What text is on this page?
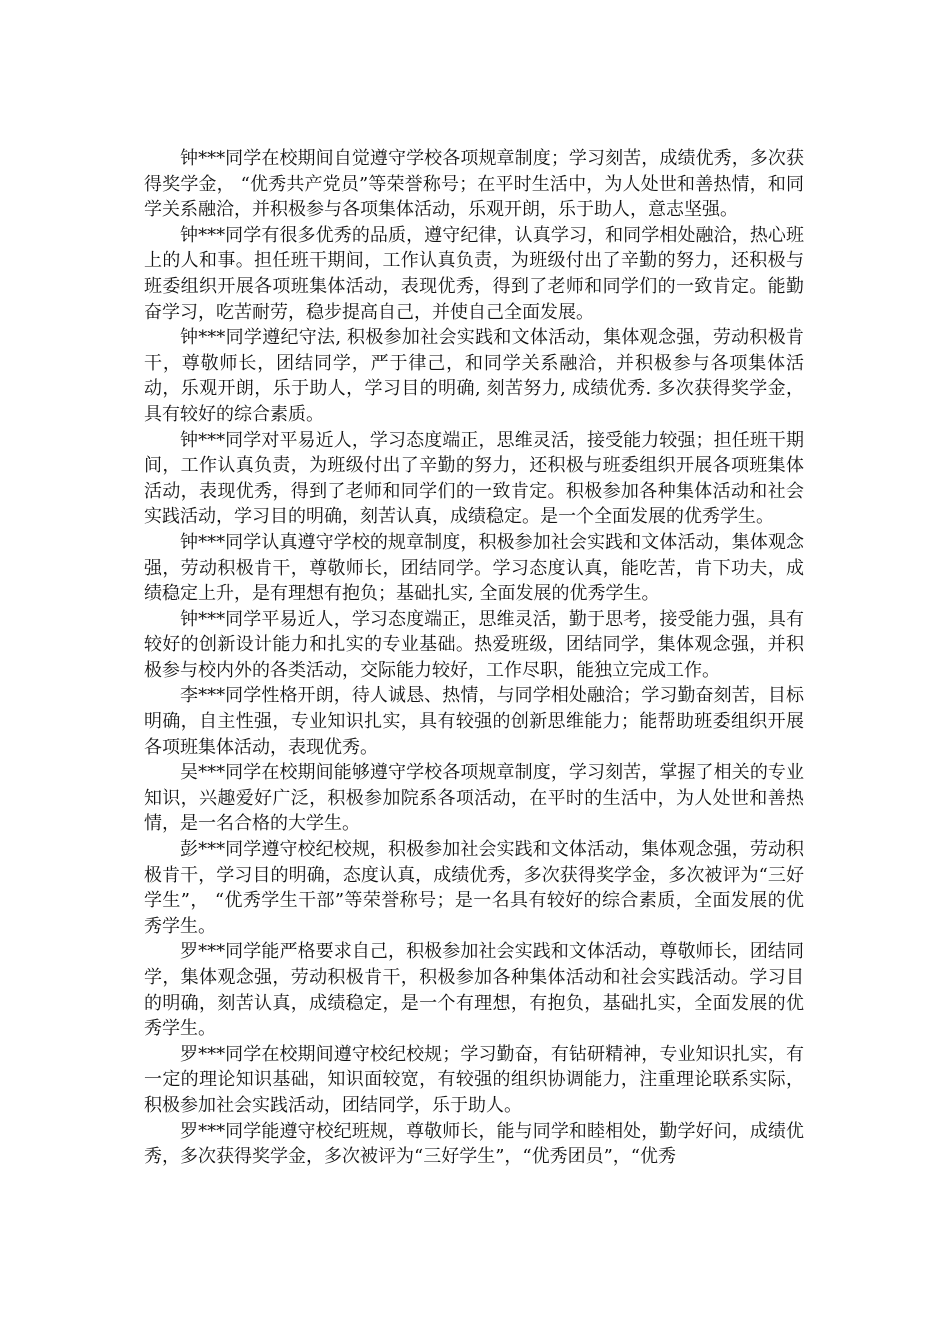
钟***同学在校期间自觉遵守学校各项规章制度；学习刻苦，成绩优秀，多次获得奖学金， “优秀共产党员”等荣誉称号；在平时生活中，为人处世和善热情，和同学关系融洽，并积极参与各项集体活动，乐观开朗，乐于助人，意志坚强。

钟***同学有很多优秀的品质，遵守纪律，认真学习，和同学相处融洽，热心班上的人和事。担任班干期间，工作认真负责，为班级付出了辛勤的努力，还积极与班委组织开展各项班集体活动，表现优秀，得到了老师和同学们的一致肯定。能勤奋学习，吃苦耐劳，稳步提高自己，并使自己全面发展。

钟***同学遵纪守法, 积极参加社会实践和文体活动，集体观念强，劳动积极肯干，尊敬师长，团结同学，严于律己，和同学关系融洽，并积极参与各项集体活动，乐观开朗，乐于助人，学习目的明确, 刻苦努力, 成绩优秀. 多次获得奖学金，具有较好的综合素质。

钟***同学对平易近人，学习态度端正，思维灵活，接受能力较强；担任班干期间，工作认真负责，为班级付出了辛勤的努力，还积极与班委组织开展各项班集体活动，表现优秀，得到了老师和同学们的一致肯定。积极参加各种集体活动和社会实践活动，学习目的明确，刻苦认真，成绩稳定。是一个全面发展的优秀学生。

钟***同学认真遵守学校的规章制度，积极参加社会实践和文体活动，集体观念强，劳动积极肯干，尊敬师长，团结同学。学习态度认真，能吃苦，肯下功夫，成绩稳定上升，是有理想有抱负；基础扎实, 全面发展的优秀学生。

钟***同学平易近人，学习态度端正，思维灵活，勤于思考，接受能力强，具有较好的创新设计能力和扎实的专业基础。热爱班级，团结同学，集体观念强，并积极参与校内外的各类活动，交际能力较好，工作尽职，能独立完成工作。

李***同学性格开朗，待人诚恳、热情，与同学相处融洽；学习勤奋刻苦，目标明确，自主性强，专业知识扎实，具有较强的创新思维能力；能帮助班委组织开展各项班集体活动，表现优秀。

吴***同学在校期间能够遵守学校各项规章制度，学习刻苦，掌握了相关的专业知识，兴趣爱好广泛，积极参加院系各项活动，在平时的生活中，为人处世和善热情，是一名合格的大学生。

彭***同学遵守校纪校规，积极参加社会实践和文体活动，集体观念强，劳动积极肯干，学习目的明确，态度认真，成绩优秀，多次获得奖学金，多次被评为“三好学生”， “优秀学生干部”等荣誉称号；是一名具有较好的综合素质，全面发展的优秀学生。

罗***同学能严格要求自己，积极参加社会实践和文体活动，尊敬师长，团结同学，集体观念强，劳动积极肯干，积极参加各种集体活动和社会实践活动。学习目的明确，刻苦认真，成绩稳定，是一个有理想，有抱负，基础扎实，全面发展的优秀学生。

罗***同学在校期间遵守校纪校规；学习勤奋，有钻研精神，专业知识扎实，有一定的理论知识基础，知识面较宽，有较强的组织协调能力，注重理论联系实际，积极参加社会实践活动，团结同学，乐于助人。

罗***同学能遵守校纪班规，尊敬师长，能与同学和睦相处，勤学好问，成绩优秀，多次获得奖学金，多次被评为“三好学生”，“优秀团员”，“优秀
